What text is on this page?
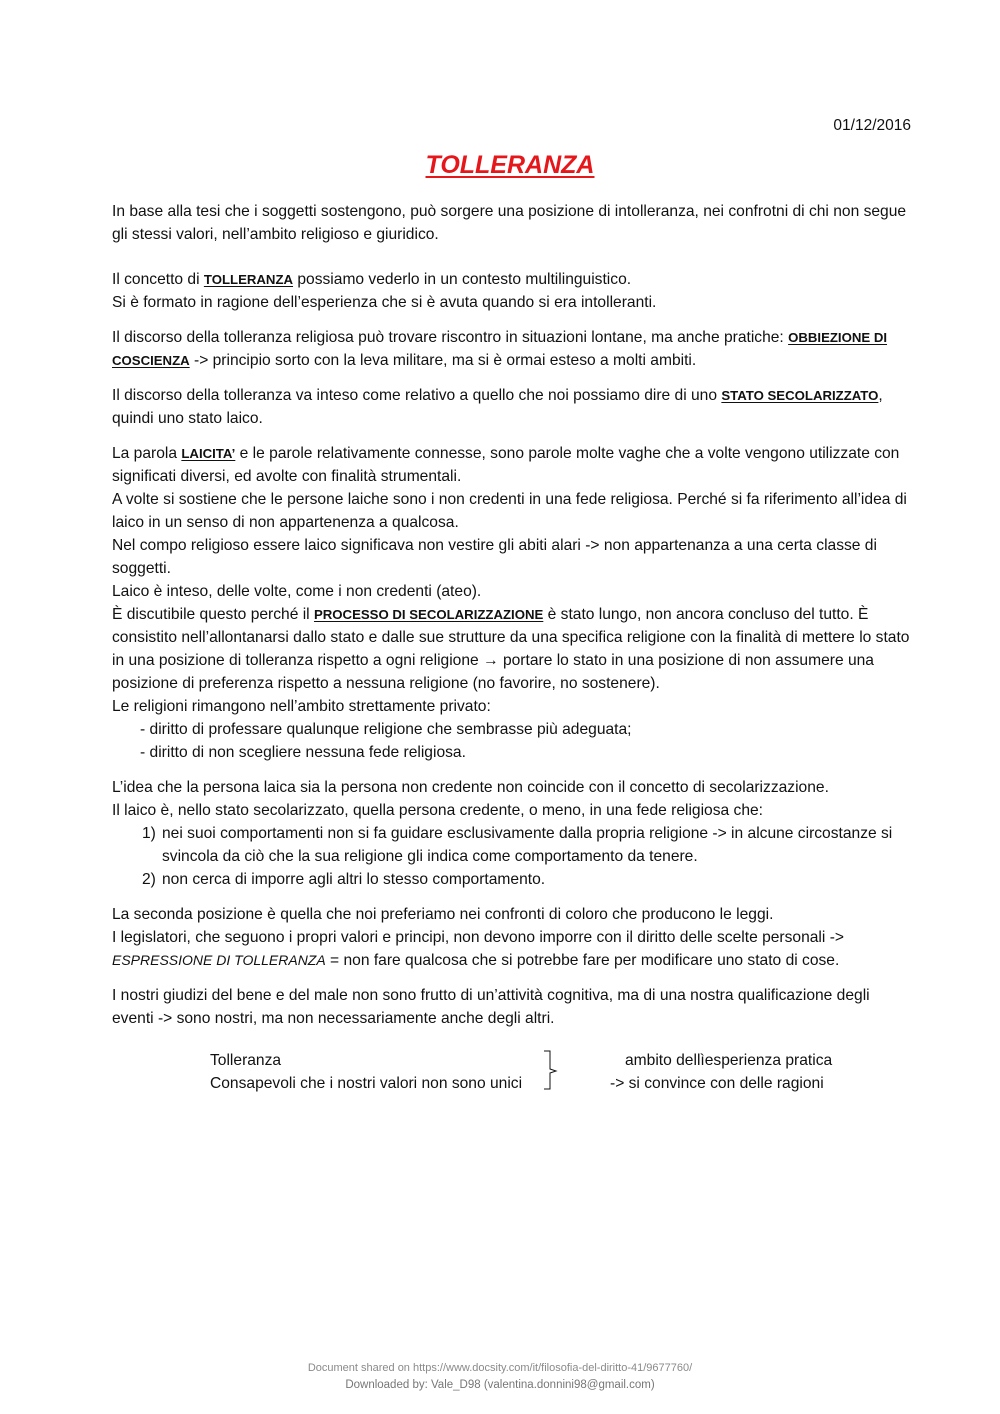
01/12/2016
TOLLERANZA

In base alla tesi che i soggetti sostengono, può sorgere una posizione di intolleranza, nei confrotni di chi non segue gli stessi valori, nell’ambito religioso e giuridico.

Il concetto di TOLLERANZA possiamo vederlo in un contesto multilinguistico.
Si è formato in ragione dell’esperienza che si è avuta quando si era intolleranti.

Il discorso della tolleranza religiosa può trovare riscontro in situazioni lontane, ma anche pratiche: OBBIEZIONE DI COSCIENZA -> principio sorto con la leva militare, ma si è ormai esteso a molti ambiti.

Il discorso della tolleranza va inteso come relativo a quello che noi possiamo dire di uno STATO SECOLARIZZATO, quindi uno stato laico.

La parola LAICITA’ e le parole relativamente connesse, sono parole molte vaghe che a volte vengono utilizzate con significati diversi, ed avolte con finalità strumentali.
A volte si sostiene che le persone laiche sono i non credenti in una fede religiosa. Perché si fa riferimento all’idea di laico in un senso di non appartenenza a qualcosa.
Nel compo religioso essere laico significava non vestire gli abiti alari -> non appartenanza a una certa classe di soggetti.
Laico è inteso, delle volte, come i non credenti (ateo).
È discutibile questo perché il PROCESSO DI SECOLARIZZAZIONE è stato lungo, non ancora concluso del tutto. È consistito nell’allontanarsi dallo stato e dalle sue strutture da una specifica religione con la finalità di mettere lo stato in una posizione di tolleranza rispetto a ogni religione → portare lo stato in una posizione di non assumere una posizione di preferenza rispetto a nessuna religione (no favorire, no sostenere).
Le religioni rimangono nell’ambito strettamente privato:
- diritto di professare qualunque religione che sembrasse più adeguata;
- diritto di non scegliere nessuna fede religiosa.

L’idea che la persona laica sia la persona non credente non coincide con il concetto di secolarizzazione.
Il laico è, nello stato secolarizzato, quella persona credente, o meno, in una fede religiosa che:
1) nei suoi comportamenti non si fa guidare esclusivamente dalla propria religione -> in alcune circostanze si svincola da ciò che la sua religione gli indica come comportamento da tenere.
2) non cerca di imporre agli altri lo stesso comportamento.

La seconda posizione è quella che noi preferiamo nei confronti di coloro che producono le leggi.
I legislatori, che seguono i propri valori e principi, non devono imporre con il diritto delle scelte personali -> ESPRESSIONE DI TOLLERANZA = non fare qualcosa che si potrebbe fare per modificare uno stato di cose.

I nostri giudizi del bene e del male non sono frutto di un’attività cognitiva, ma di una nostra qualificazione degli eventi -> sono nostri, ma non necessariamente anche degli altri.

Tolleranza
Consapevoli che i nostri valori non sono unici
ambito dellìesperienza pratica
-> si convince con delle ragioni
Document shared on https://www.docsity.com/it/filosofia-del-diritto-41/9677760/
Downloaded by: Vale_D98 (valentina.donnini98@gmail.com)
